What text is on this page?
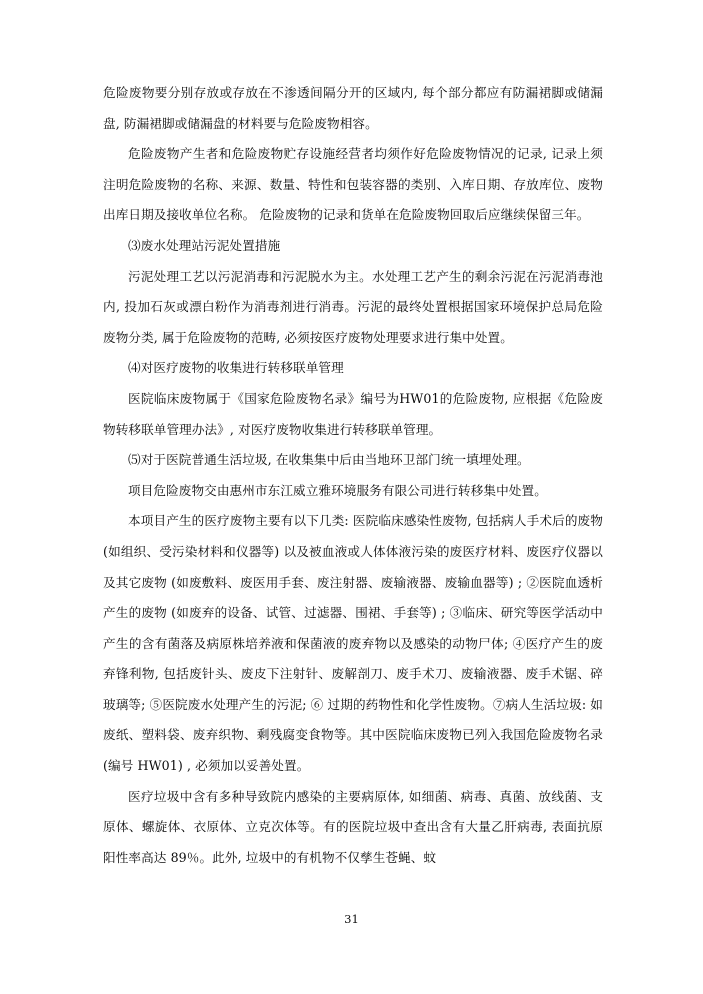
危险废物要分别存放或存放在不渗透间隔分开的区域内, 每个部分都应有防漏裙脚或储漏盘, 防漏裙脚或储漏盘的材料要与危险废物相容。

危险废物产生者和危险废物贮存设施经营者均须作好危险废物情况的记录, 记录上须注明危险废物的名称、来源、数量、特性和包装容器的类别、入库日期、存放库位、废物出库日期及接收单位名称。 危险废物的记录和货单在危险废物回取后应继续保留三年。

⑶废水处理站污泥处置措施

污泥处理工艺以污泥消毒和污泥脱水为主。水处理工艺产生的剩余污泥在污泥消毒池内, 投加石灰或漂白粉作为消毒剂进行消毒。污泥的最终处置根据国家环境保护总局危险废物分类, 属于危险废物的范畴, 必须按医疗废物处理要求进行集中处置。

⑷对医疗废物的收集进行转移联单管理

医院临床废物属于《国家危险废物名录》编号为HW01的危险废物, 应根据《危险废物转移联单管理办法》, 对医疗废物收集进行转移联单管理。

⑸对于医院普通生活垃圾, 在收集集中后由当地环卫部门统一填埋处理。

项目危险废物交由惠州市东江威立雅环境服务有限公司进行转移集中处置。

本项目产生的医疗废物主要有以下几类: 医院临床感染性废物, 包括病人手术后的废物 (如组织、受污染材料和仪器等) 以及被血液或人体体液污染的废医疗材料、废医疗仪器以及其它废物 (如废敷料、废医用手套、废注射器、废输液器、废输血器等) ; ②医院血透析产生的废物 (如废弃的设备、试管、过滤器、围裙、手套等) ; ③临床、研究等医学活动中产生的含有菌落及病原株培养液和保菌液的废弃物以及感染的动物尸体; ④医疗产生的废弃锋利物, 包括废针头、废皮下注射针、废解剖刀、废手术刀、废输液器、废手术锯、碎玻璃等; ⑤医院废水处理产生的污泥; ⑥ 过期的药物性和化学性废物。⑦病人生活垃圾: 如废纸、塑料袋、废弃织物、剩残腐变食物等。其中医院临床废物已列入我国危险废物名录 (编号 HW01) , 必须加以妥善处置。

医疗垃圾中含有多种导致院内感染的主要病原体, 如细菌、病毒、真菌、放线菌、支原体、螺旋体、衣原体、立克次体等。有的医院垃圾中查出含有大量乙肝病毒, 表面抗原阳性率高达 89％。此外, 垃圾中的有机物不仅孳生苍蝇、蚊

31
